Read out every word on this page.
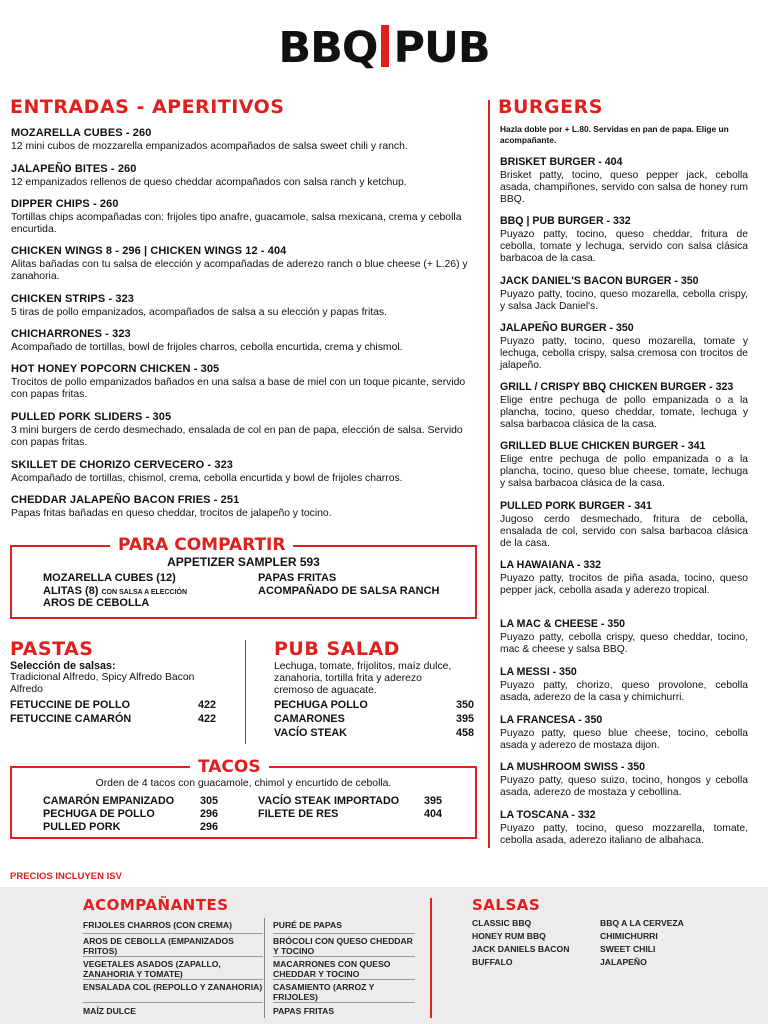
BBQ PUB
ENTRADAS - APERITIVOS
MOZARELLA CUBES - 260
12 mini cubos de mozzarella empanizados acompañados de salsa sweet chili y ranch.
JALAPEÑO BITES - 260
12 empanizados rellenos de queso cheddar acompañados con salsa ranch y ketchup.
DIPPER CHIPS - 260
Tortillas chips acompañadas con: frijoles tipo anafre, guacamole, salsa mexicana, crema y cebolla encurtida.
CHICKEN WINGS 8 - 296 | CHICKEN WINGS 12 - 404
Alitas bañadas con tu salsa de elección y acompañadas de aderezo ranch o blue cheese (+ L.26) y zanahoria.
CHICKEN STRIPS - 323
5 tiras de pollo empanizados, acompañados de salsa a su elección y papas fritas.
CHICHARRONES - 323
Acompañado de tortillas, bowl de frijoles charros, cebolla encurtida, crema y chismol.
HOT HONEY POPCORN CHICKEN - 305
Trocitos de pollo empanizados bañados en una salsa a base de miel con un toque picante, servido con papas fritas.
PULLED PORK SLIDERS - 305
3 mini burgers de cerdo desmechado, ensalada de col en pan de papa, elección de salsa. Servido con papas fritas.
SKILLET DE CHORIZO CERVECERO - 323
Acompañado de tortillas, chismol, crema, cebolla encurtida y bowl de frijoles charros.
CHEDDAR JALAPEÑO BACON FRIES - 251
Papas fritas bañadas en queso cheddar, trocitos de jalapeño y tocino.
PARA COMPARTIR
APPETIZER SAMPLER 593
MOZARELLA CUBES (12)
ALITAS (8) CON SALSA A ELECCIÓN
AROS DE CEBOLLA
PAPAS FRITAS
ACOMPAÑADO DE SALSA RANCH
PASTAS
Selección de salsas:
Tradicional Alfredo, Spicy Alfredo Bacon Alfredo
FETUCCINE DE POLLO	422
FETUCCINE CAMARÓN	422
PUB SALAD
Lechuga, tomate, frijolitos, maíz dulce, zanahoria, tortilla frita y aderezo cremoso de aguacate.
PECHUGA POLLO	350
CAMARONES	395
VACÍO STEAK	458
TACOS
Orden de 4 tacos con guacamole, chimol y encurtido de cebolla.
CAMARÓN EMPANIZADO 305
PECHUGA DE POLLO	296
PULLED PORK	296
VACÍO STEAK IMPORTADO 395
FILETE DE RES	404
PRECIOS INCLUYEN ISV
BURGERS
Hazla doble por + L.80. Servidas en pan de papa. Elige un acompañante.
BRISKET BURGER - 404
Brisket patty, tocino, queso pepper jack, cebolla asada, champiñones, servido con salsa de honey rum BBQ.
BBQ | PUB BURGER - 332
Puyazo patty, tocino, queso cheddar, fritura de cebolla, tomate y lechuga, servido con salsa clásica barbacoa de la casa.
JACK DANIEL'S BACON BURGER - 350
Puyazo patty, tocino, queso mozarella, cebolla crispy, y salsa Jack Daniel's.
JALAPEÑO BURGER - 350
Puyazo patty, tocino, queso mozarella, tomate y lechuga, cebolla crispy, salsa cremosa con trocitos de jalapeño.
GRILL / CRISPY BBQ CHICKEN BURGER - 323
Elige entre pechuga de pollo empanizada o a la plancha, tocino, queso cheddar, tomate, lechuga y salsa barbacoa clásica de la casa.
GRILLED BLUE CHICKEN BURGER - 341
Elige entre pechuga de pollo empanizada o a la plancha, tocino, queso blue cheese, tomate, lechuga y salsa barbacoa clásica de la casa.
PULLED PORK BURGER - 341
Jugoso cerdo desmechado, fritura de cebolla, ensalada de col, servido con salsa barbacoa clásica de la casa.
LA HAWAIANA - 332
Puyazo patty, trocitos de piña asada, tocino, queso pepper jack, cebolla asada y aderezo tropical.
LA MAC & CHEESE - 350
Puyazo patty, cebolla crispy, queso cheddar, tocino, mac & cheese y salsa BBQ.
LA MESSI - 350
Puyazo patty, chorizo, queso provolone, cebolla asada, aderezo de la casa y chimichurri.
LA FRANCESA - 350
Puyazo patty, queso blue cheese, tocino, cebolla asada y aderezo de mostaza dijon.
LA MUSHROOM SWISS - 350
Puyazo patty, queso suizo, tocino, hongos y cebolla asada, aderezo de mostaza y cebollina.
LA TOSCANA - 332
Puyazo patty, tocino, queso mozzarella, tomate, cebolla asada, aderezo italiano de albahaca.
ACOMPAÑANTES
FRIJOLES CHARROS (CON CREMA)
AROS DE CEBOLLA (EMPANIZADOS FRITOS)
VEGETALES ASADOS (ZAPALLO, ZANAHORIA Y TOMATE)
ENSALADA COL (REPOLLO Y ZANAHORIA)
MAÍZ DULCE
PURÉ DE PAPAS
BRÓCOLI CON QUESO CHEDDAR Y TOCINO
MACARRONES CON QUESO CHEDDAR Y TOCINO
CASAMIENTO (ARROZ Y FRIJOLES)
PAPAS FRITAS
SALSAS
CLASSIC BBQ
HONEY RUM BBQ
JACK DANIELS BACON
BUFFALO
BBQ A LA CERVEZA
CHIMICHURRI
SWEET CHILI
JALAPEÑO
